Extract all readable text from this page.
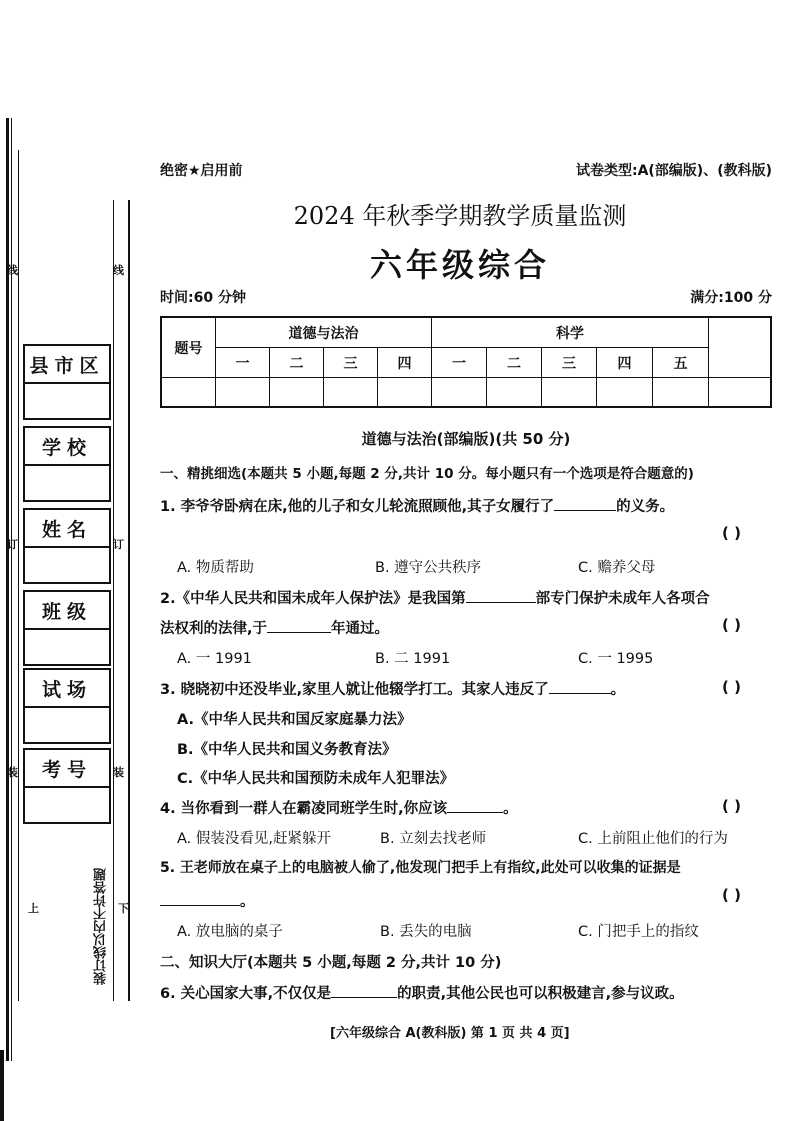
线	线
订	订
装	装
上	下
县市区
学校
姓名
班级
试场
考号
装订线以内不许答题
绝密★启用前	试卷类型:A(部编版)、(教科版)
2024 年秋季学期教学质量监测
六年级综合
时间:60 分钟	满分:100 分
题号
道德与法治	科学
一	二	三	四	一	二	三	四	五
道德与法治(部编版)(共 50 分)
一、精挑细选(本题共 5 小题,每题 2 分,共计 10 分。每小题只有一个选项是符合题意的)
1. 李爷爷卧病在床,他的儿子和女儿轮流照顾他,其子女履行了	的义务。
( )
A. 物质帮助	B. 遵守公共秩序	C. 赡养父母
2.《中华人民共和国未成年人保护法》是我国第	部专门保护未成年人各项合
法权利的法律,于	年通过。	( )
A. 一 1991	B. 二 1991	C. 一 1995
3. 晓晓初中还没毕业,家里人就让他辍学打工。其家人违反了	。	( )
A.《中华人民共和国反家庭暴力法》
B.《中华人民共和国义务教育法》
C.《中华人民共和国预防未成年人犯罪法》
4. 当你看到一群人在霸凌同班学生时,你应该	。	( )
A. 假装没看见,赶紧躲开	B. 立刻去找老师	C. 上前阻止他们的行为
5. 王老师放在桌子上的电脑被人偷了,他发现门把手上有指纹,此处可以收集的证据是
。	( )
A. 放电脑的桌子	B. 丢失的电脑	C. 门把手上的指纹
二、知识大厅(本题共 5 小题,每题 2 分,共计 10 分)
6. 关心国家大事,不仅仅是	的职责,其他公民也可以积极建言,参与议政。
[六年级综合 A(教科版) 第 1 页 共 4 页]
